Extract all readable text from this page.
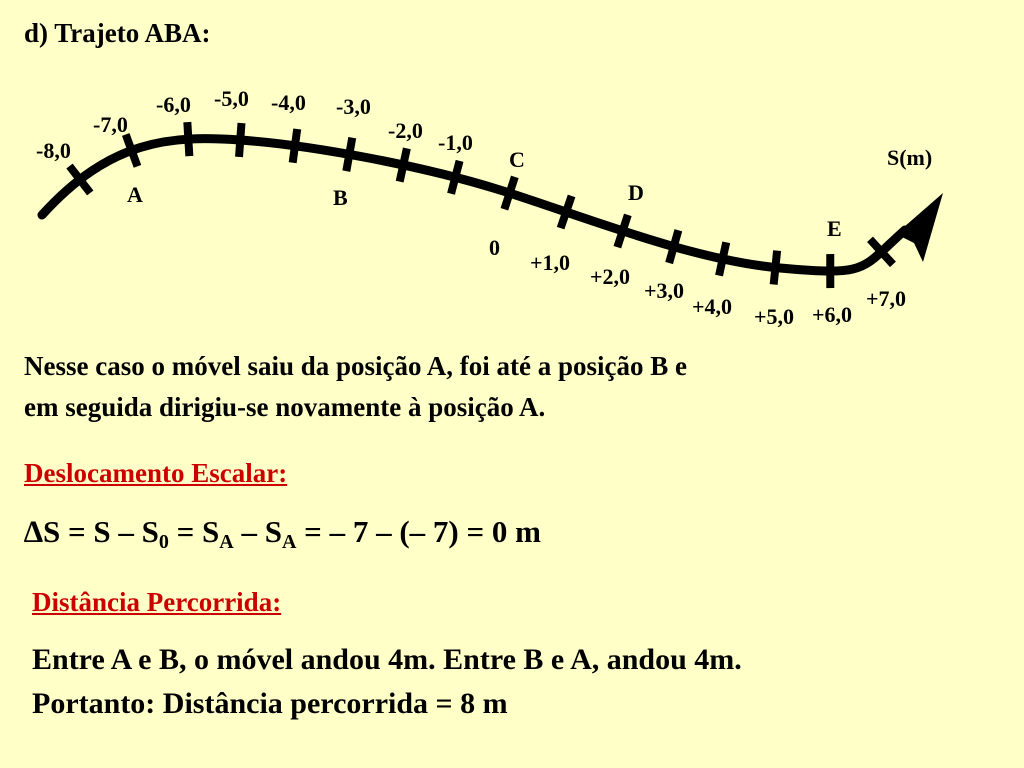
d) Trajeto ABA:
-8,0
-7,0
-6,0 -5,0 -4,0 -3,0
-2,0 -1,0
0
+1,0
+2,0
+3,0
+4,0 +5,0 +6,0
+7,0
S(m)
A	B
C
D
E
Nesse caso o móvel saiu da posição A, foi até a posição B e
em seguida dirigiu-se novamente à posição A.
Deslocamento Escalar:
$\Delta S = S - S_0 = S_A - S_A$ = – 7 – (– 7) = 0 m
Distância Percorrida:
Entre A e B, o móvel andou 4m. Entre B e A, andou 4m.
Portanto: Distância percorrida = 8 m
